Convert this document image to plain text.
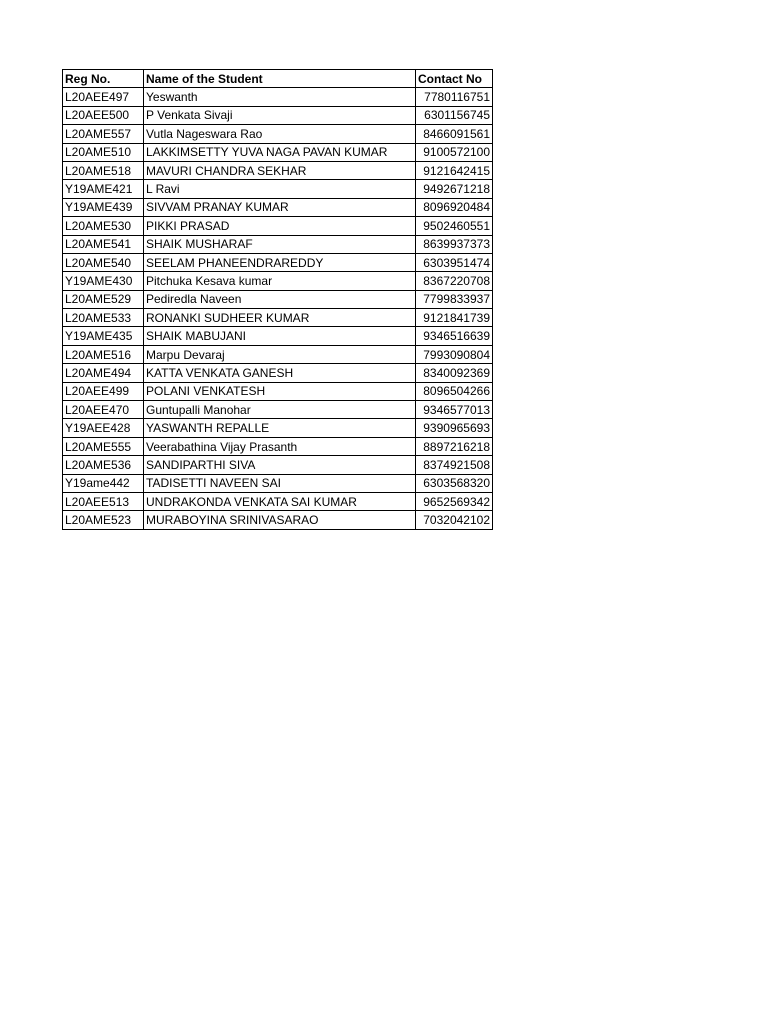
Reg No.	Name of the Student	Contact No
L20AEE497	Yeswanth	7780116751
L20AEE500	P Venkata Sivaji	6301156745
L20AME557	Vutla Nageswara Rao	8466091561
L20AME510	LAKKIMSETTY YUVA NAGA PAVAN KUMAR	9100572100
L20AME518	MAVURI CHANDRA SEKHAR	9121642415
Y19AME421	L Ravi	9492671218
Y19AME439	SIVVAM PRANAY KUMAR	8096920484
L20AME530	PIKKI PRASAD	9502460551
L20AME541	SHAIK MUSHARAF	8639937373
L20AME540	SEELAM PHANEENDRAREDDY	6303951474
Y19AME430	Pitchuka Kesava kumar	8367220708
L20AME529	Pediredla Naveen	7799833937
L20AME533	RONANKI SUDHEER KUMAR	9121841739
Y19AME435	SHAIK MABUJANI	9346516639
L20AME516	Marpu Devaraj	7993090804
L20AME494	KATTA VENKATA GANESH	8340092369
L20AEE499	POLANI VENKATESH	8096504266
L20AEE470	Guntupalli Manohar	9346577013
Y19AEE428	YASWANTH REPALLE	9390965693
L20AME555	Veerabathina Vijay Prasanth	8897216218
L20AME536	SANDIPARTHI SIVA	8374921508
Y19ame442	TADISETTI NAVEEN SAI	6303568320
L20AEE513	UNDRAKONDA VENKATA SAI KUMAR	9652569342
L20AME523	MURABOYINA SRINIVASARAO	7032042102
